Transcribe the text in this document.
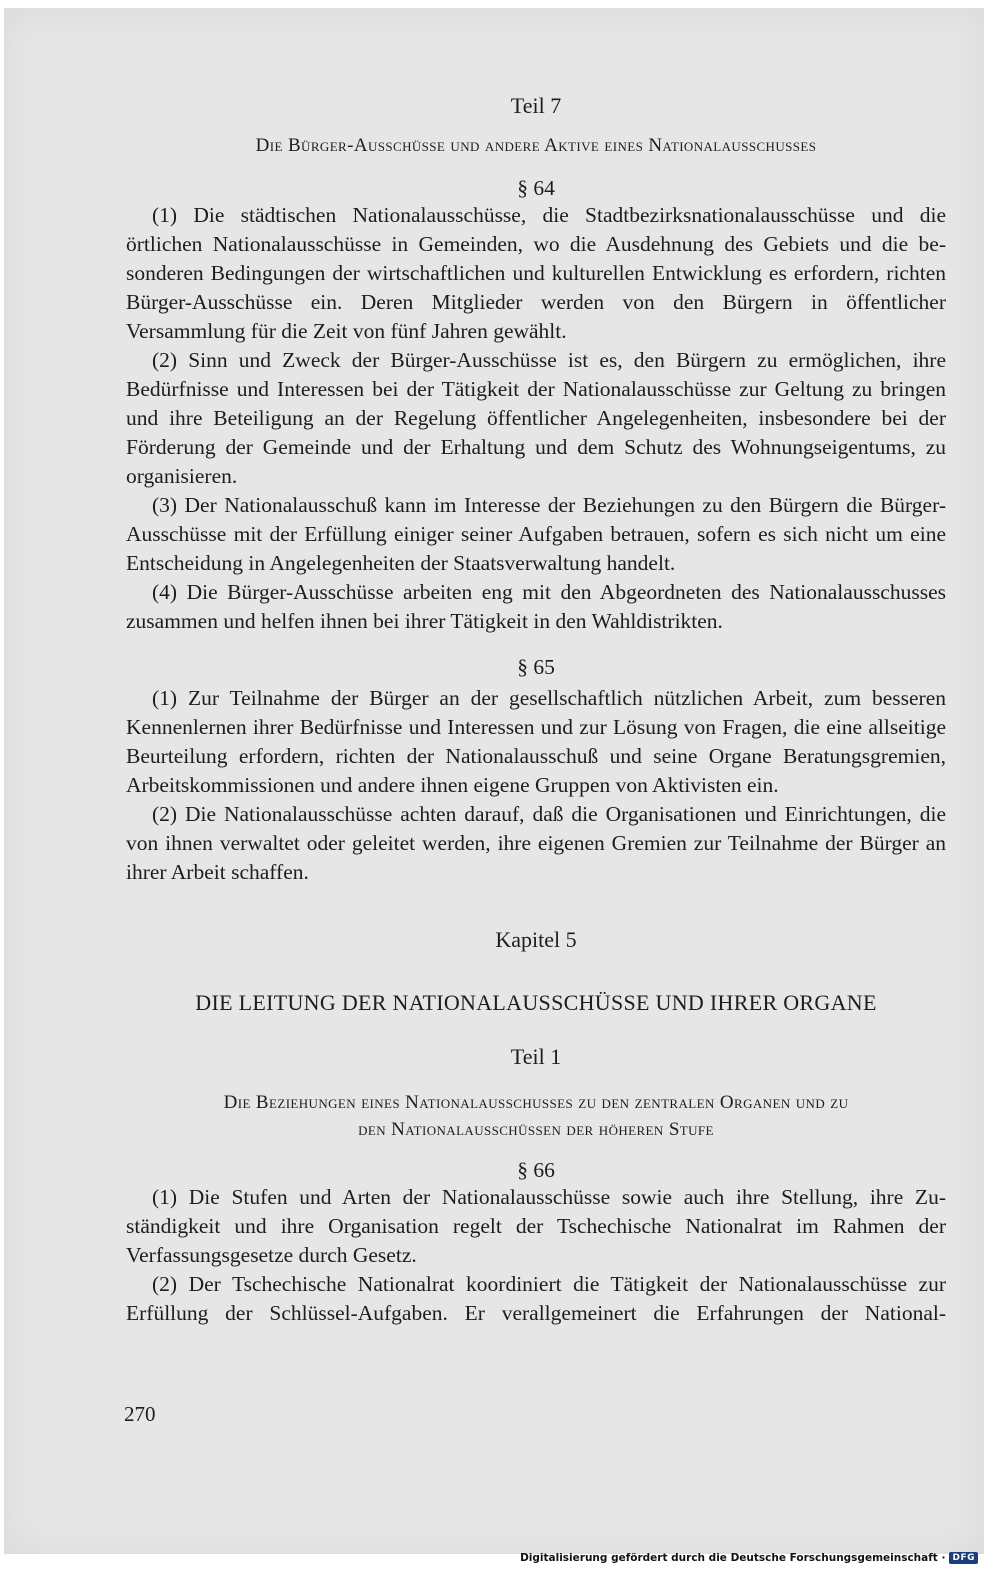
Teil 7
Die Bürger-Ausschüsse und andere Aktive eines Nationalausschusses
§ 64

(1) Die städtischen Nationalausschüsse, die Stadtbezirksnationalausschüsse und die örtlichen Nationalausschüsse in Gemeinden, wo die Ausdehnung des Gebiets und die besonderen Bedingungen der wirtschaftlichen und kulturellen Entwicklung es erfordern, richten Bürger-Ausschüsse ein. Deren Mitglieder werden von den Bürgern in öffentlicher Versammlung für die Zeit von fünf Jahren gewählt.

(2) Sinn und Zweck der Bürger-Ausschüsse ist es, den Bürgern zu ermöglichen, ihre Bedürfnisse und Interessen bei der Tätigkeit der Nationalausschüsse zur Geltung zu bringen und ihre Beteiligung an der Regelung öffentlicher Angelegenheiten, insbesondere bei der Förderung der Gemeinde und der Erhaltung und dem Schutz des Wohnungseigentums, zu organisieren.

(3) Der Nationalausschuß kann im Interesse der Beziehungen zu den Bürgern die Bürger-Ausschüsse mit der Erfüllung einiger seiner Aufgaben betrauen, sofern es sich nicht um eine Entscheidung in Angelegenheiten der Staatsverwaltung handelt.

(4) Die Bürger-Ausschüsse arbeiten eng mit den Abgeordneten des Nationalausschusses zusammen und helfen ihnen bei ihrer Tätigkeit in den Wahldistrikten.

§ 65

(1) Zur Teilnahme der Bürger an der gesellschaftlich nützlichen Arbeit, zum besseren Kennenlernen ihrer Bedürfnisse und Interessen und zur Lösung von Fragen, die eine allseitige Beurteilung erfordern, richten der Nationalausschuß und seine Organe Beratungsgremien, Arbeitskommissionen und andere ihnen eigene Gruppen von Aktivisten ein.

(2) Die Nationalausschüsse achten darauf, daß die Organisationen und Einrichtungen, die von ihnen verwaltet oder geleitet werden, ihre eigenen Gremien zur Teilnahme der Bürger an ihrer Arbeit schaffen.

Kapitel 5
DIE LEITUNG DER NATIONALAUSSCHÜSSE UND IHRER ORGANE
Teil 1
Die Beziehungen eines Nationalausschusses zu den zentralen Organen und zu
den Nationalausschüssen der höheren Stufe
§ 66

(1) Die Stufen und Arten der Nationalausschüsse sowie auch ihre Stellung, ihre Zuständigkeit und ihre Organisation regelt der Tschechische Nationalrat im Rahmen der Verfassungsgesetze durch Gesetz.

(2) Der Tschechische Nationalrat koordiniert die Tätigkeit der Nationalausschüsse zur Erfüllung der Schlüssel-Aufgaben. Er verallgemeinert die Erfahrungen der National-

270
Digitalisierung gefördert durch die Deutsche Forschungsgemeinschaft · DFG
